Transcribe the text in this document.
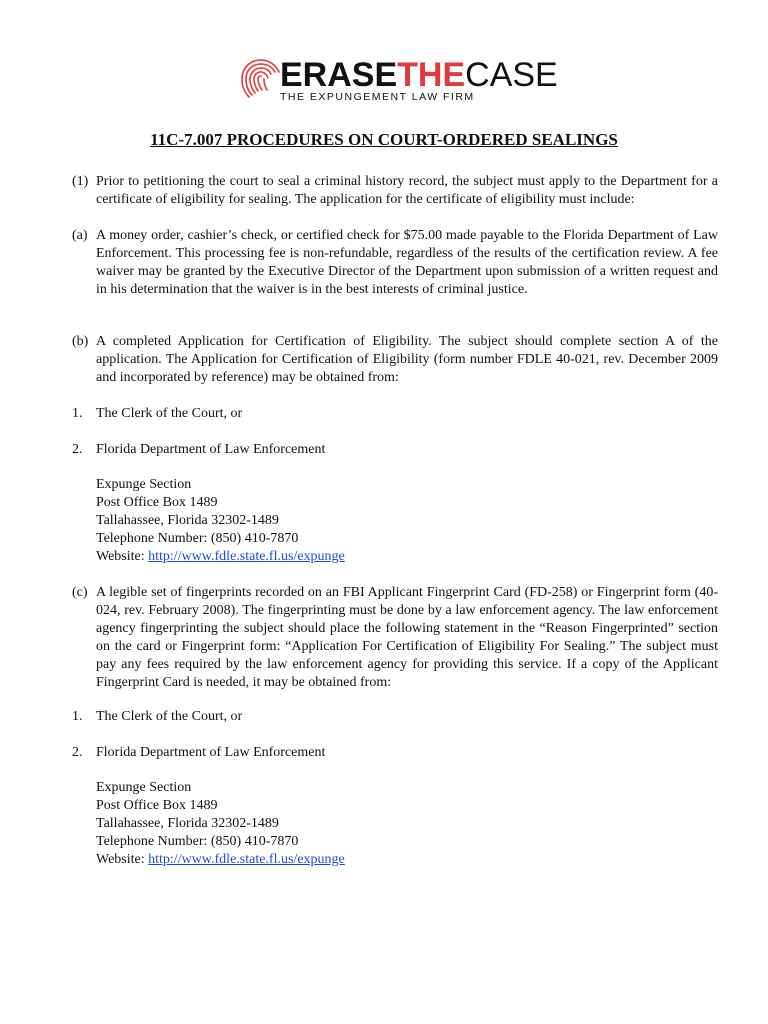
ERASETHECASE
THE EXPUNGEMENT LAW FIRM
11C-7.007 PROCEDURES ON COURT-ORDERED SEALINGS
(1) Prior to petitioning the court to seal a criminal history record, the subject must apply to the Department for a certificate of eligibility for sealing. The application for the certificate of eligibility must include:
(a) A money order, cashier’s check, or certified check for $75.00 made payable to the Florida Department of Law Enforcement. This processing fee is non-refundable, regardless of the results of the certification review. A fee waiver may be granted by the Executive Director of the Department upon submission of a written request and in his determination that the waiver is in the best interests of criminal justice.
(b) A completed Application for Certification of Eligibility. The subject should complete section A of the application. The Application for Certification of Eligibility (form number FDLE 40-021, rev. December 2009 and incorporated by reference) may be obtained from:
1. The Clerk of the Court, or
2. Florida Department of Law Enforcement
Expunge Section
Post Office Box 1489
Tallahassee, Florida 32302-1489
Telephone Number: (850) 410-7870
Website: http://www.fdle.state.fl.us/expunge
(c) A legible set of fingerprints recorded on an FBI Applicant Fingerprint Card (FD-258) or Fingerprint form (40-024, rev. February 2008). The fingerprinting must be done by a law enforcement agency. The law enforcement agency fingerprinting the subject should place the following statement in the “Reason Fingerprinted” section on the card or Fingerprint form: “Application For Certification of Eligibility For Sealing.” The subject must pay any fees required by the law enforcement agency for providing this service. If a copy of the Applicant Fingerprint Card is needed, it may be obtained from:
1. The Clerk of the Court, or
2. Florida Department of Law Enforcement
Expunge Section
Post Office Box 1489
Tallahassee, Florida 32302-1489
Telephone Number: (850) 410-7870
Website: http://www.fdle.state.fl.us/expunge
